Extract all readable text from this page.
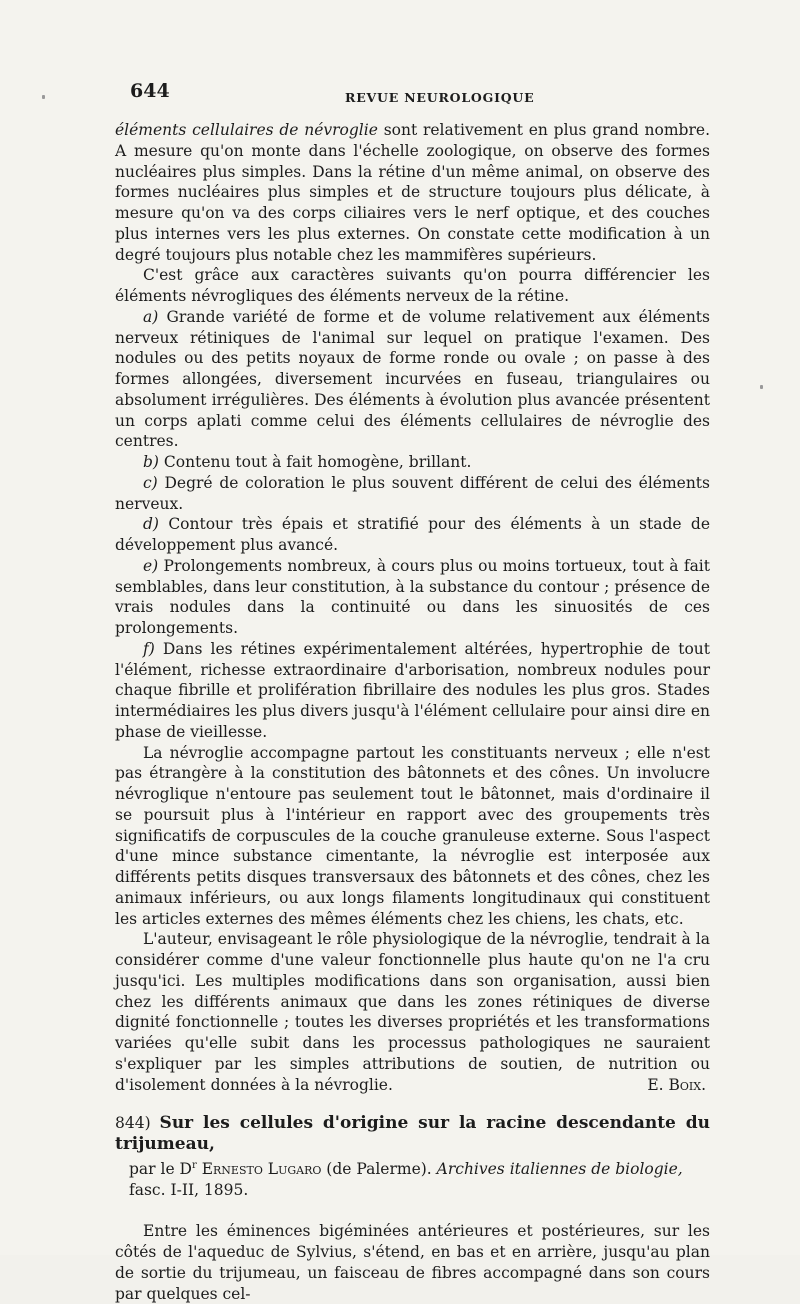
644	REVUE NEUROLOGIQUE

éléments cellulaires de névroglie sont relativement en plus grand nombre. A mesure qu'on monte dans l'échelle zoologique, on observe des formes nucléaires plus simples. Dans la rétine d'un même animal, on observe des formes nucléaires plus simples et de structure toujours plus délicate, à mesure qu'on va des corps ciliaires vers le nerf optique, et des couches plus internes vers les plus externes. On constate cette modification à un degré toujours plus notable chez les mammifères supérieurs.

C'est grâce aux caractères suivants qu'on pourra différencier les éléments névrogliques des éléments nerveux de la rétine.

a) Grande variété de forme et de volume relativement aux éléments nerveux rétiniques de l'animal sur lequel on pratique l'examen. Des nodules ou des petits noyaux de forme ronde ou ovale ; on passe à des formes allongées, diversement incurvées en fuseau, triangulaires ou absolument irrégulières. Des éléments à évolution plus avancée présentent un corps aplati comme celui des éléments cellulaires de névroglie des centres.

b) Contenu tout à fait homogène, brillant.

c) Degré de coloration le plus souvent différent de celui des éléments nerveux.

d) Contour très épais et stratifié pour des éléments à un stade de développement plus avancé.

e) Prolongements nombreux, à cours plus ou moins tortueux, tout à fait semblables, dans leur constitution, à la substance du contour ; présence de vrais nodules dans la continuité ou dans les sinuosités de ces prolongements.

f) Dans les rétines expérimentalement altérées, hypertrophie de tout l'élément, richesse extraordinaire d'arborisation, nombreux nodules pour chaque fibrille et prolifération fibrillaire des nodules les plus gros. Stades intermédiaires les plus divers jusqu'à l'élément cellulaire pour ainsi dire en phase de vieillesse.

La névroglie accompagne partout les constituants nerveux ; elle n'est pas étrangère à la constitution des bâtonnets et des cônes. Un involucre névroglique n'entoure pas seulement tout le bâtonnet, mais d'ordinaire il se poursuit plus à l'intérieur en rapport avec des groupements très significatifs de corpuscules de la couche granuleuse externe. Sous l'aspect d'une mince substance cimentante, la névroglie est interposée aux différents petits disques transversaux des bâtonnets et des cônes, chez les animaux inférieurs, ou aux longs filaments longitudinaux qui constituent les articles externes des mêmes éléments chez les chiens, les chats, etc.

L'auteur, envisageant le rôle physiologique de la névroglie, tendrait à la considérer comme d'une valeur fonctionnelle plus haute qu'on ne l'a cru jusqu'ici. Les multiples modifications dans son organisation, aussi bien chez les différents animaux que dans les zones rétiniques de diverse dignité fonctionnelle ; toutes les diverses propriétés et les transformations variées qu'elle subit dans les processus pathologiques ne sauraient s'expliquer par les simples attributions de soutien, de nutrition ou d'isolement données à la névroglie.	E. Boix.

844) Sur les cellules d'origine sur la racine descendante du trijumeau,
par le $D^r$ Ernesto Lugaro (de Palerme). Archives italiennes de biologie,
fasc. I-II, 1895.

Entre les éminences bigéminées antérieures et postérieures, sur les côtés de l'aqueduc de Sylvius, s'étend, en bas et en arrière, jusqu'au plan de sortie du trijumeau, un faisceau de fibres accompagné dans son cours par quelques cel-
